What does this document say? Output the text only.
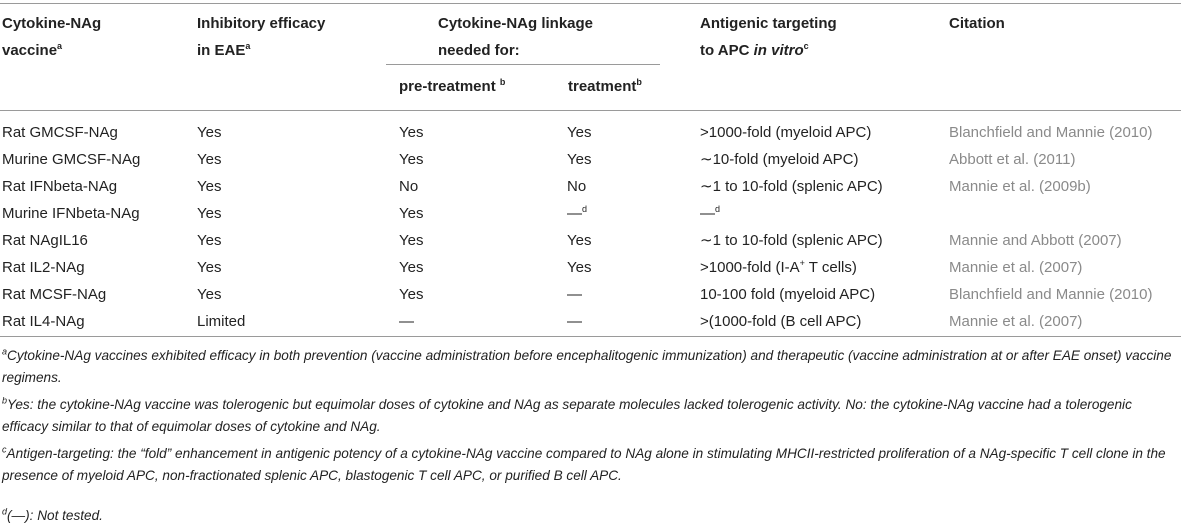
Cytokine-NAg
vaccine$^a$
Inhibitory efficacy
in EAE$^a$
Cytokine-NAg linkage
needed for:
pre-treatment $^b$	treatment$^b$
Antigenic targeting
to APC in vitro$^c$
Citation
Rat GMCSF-NAg	Yes	Yes	Yes	>1000-fold (myeloid APC)	Blanchfield and Mannie (2010)
Murine GMCSF-NAg	Yes	Yes	Yes	∼10-fold (myeloid APC)	Abbott et al. (2011)
Rat IFNbeta-NAg	Yes	No	No	∼1 to 10-fold (splenic APC)	Mannie et al. (2009b)
Murine IFNbeta-NAg	Yes	Yes	—$^d$	—$^d$
Rat NAgIL16	Yes	Yes	Yes	∼1 to 10-fold (splenic APC)	Mannie and Abbott (2007)
Rat IL2-NAg	Yes	Yes	Yes	>1000-fold (I-A+ T cells)	Mannie et al. (2007)
Rat MCSF-NAg	Yes	Yes	—	10-100 fold (myeloid APC)	Blanchfield and Mannie (2010)
Rat IL4-NAg	Limited	—	—	>(1000-fold (B cell APC)	Mannie et al. (2007)
$^a$Cytokine-NAg vaccines exhibited efficacy in both prevention (vaccine administration before encephalitogenic immunization) and therapeutic (vaccine administration at or after EAE onset) vaccine regimens.
$^b$Yes: the cytokine-NAg vaccine was tolerogenic but equimolar doses of cytokine and NAg as separate molecules lacked tolerogenic activity. No: the cytokine-NAg vaccine had a tolerogenic efficacy similar to that of equimolar doses of cytokine and NAg.
$^c$Antigen-targeting: the “fold” enhancement in antigenic potency of a cytokine-NAg vaccine compared to NAg alone in stimulating MHCII-restricted proliferation of a NAg-specific T cell clone in the presence of myeloid APC, non-fractionated splenic APC, blastogenic T cell APC, or purified B cell APC.
$^d$(—): Not tested.
